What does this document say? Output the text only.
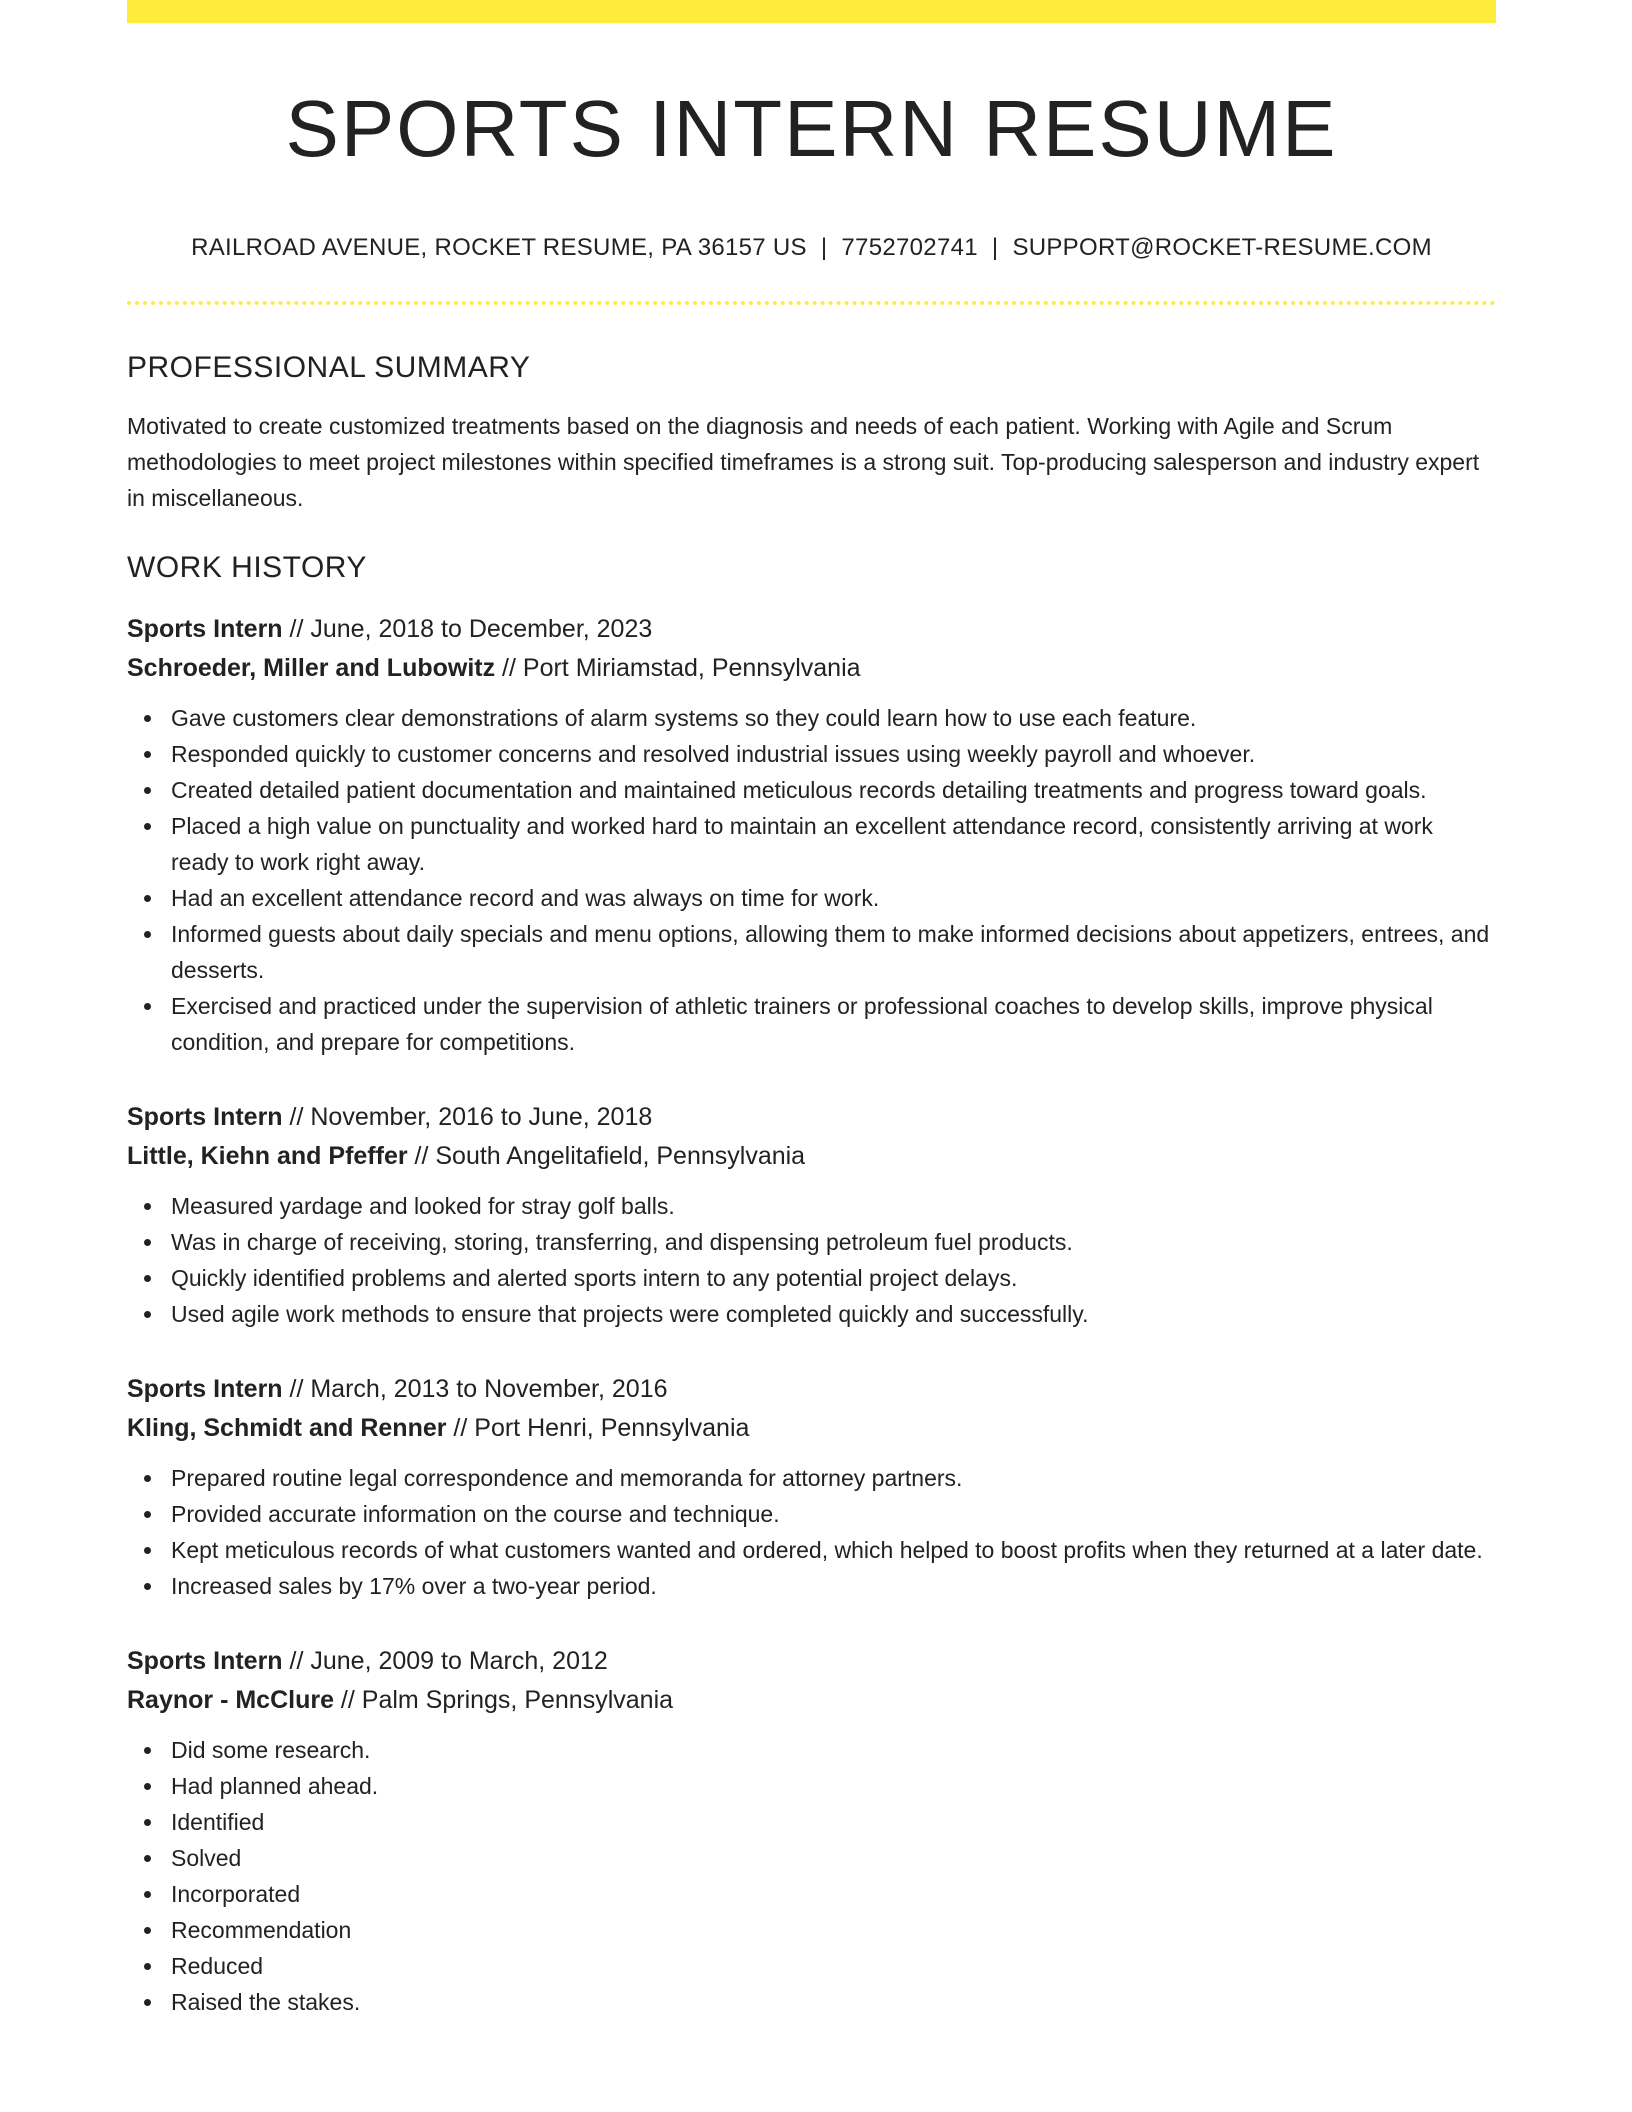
SPORTS INTERN RESUME
RAILROAD AVENUE, ROCKET RESUME, PA 36157 US | 7752702741 | SUPPORT@ROCKET-RESUME.COM
PROFESSIONAL SUMMARY

Motivated to create customized treatments based on the diagnosis and needs of each patient. Working with Agile and Scrum methodologies to meet project milestones within specified timeframes is a strong suit. Top-producing salesperson and industry expert in miscellaneous.

WORK HISTORY
Sports Intern // June, 2018 to December, 2023
Schroeder, Miller and Lubowitz // Port Miriamstad, Pennsylvania
Gave customers clear demonstrations of alarm systems so they could learn how to use each feature.
Responded quickly to customer concerns and resolved industrial issues using weekly payroll and whoever.
Created detailed patient documentation and maintained meticulous records detailing treatments and progress toward goals.
Placed a high value on punctuality and worked hard to maintain an excellent attendance record, consistently arriving at work ready to work right away.
Had an excellent attendance record and was always on time for work.
Informed guests about daily specials and menu options, allowing them to make informed decisions about appetizers, entrees, and desserts.
Exercised and practiced under the supervision of athletic trainers or professional coaches to develop skills, improve physical condition, and prepare for competitions.
Sports Intern // November, 2016 to June, 2018
Little, Kiehn and Pfeffer // South Angelitafield, Pennsylvania
Measured yardage and looked for stray golf balls.
Was in charge of receiving, storing, transferring, and dispensing petroleum fuel products.
Quickly identified problems and alerted sports intern to any potential project delays.
Used agile work methods to ensure that projects were completed quickly and successfully.
Sports Intern // March, 2013 to November, 2016
Kling, Schmidt and Renner // Port Henri, Pennsylvania
Prepared routine legal correspondence and memoranda for attorney partners.
Provided accurate information on the course and technique.
Kept meticulous records of what customers wanted and ordered, which helped to boost profits when they returned at a later date.
Increased sales by 17% over a two-year period.
Sports Intern // June, 2009 to March, 2012
Raynor - McClure // Palm Springs, Pennsylvania
Did some research.
Had planned ahead.
Identified
Solved
Incorporated
Recommendation
Reduced
Raised the stakes.
